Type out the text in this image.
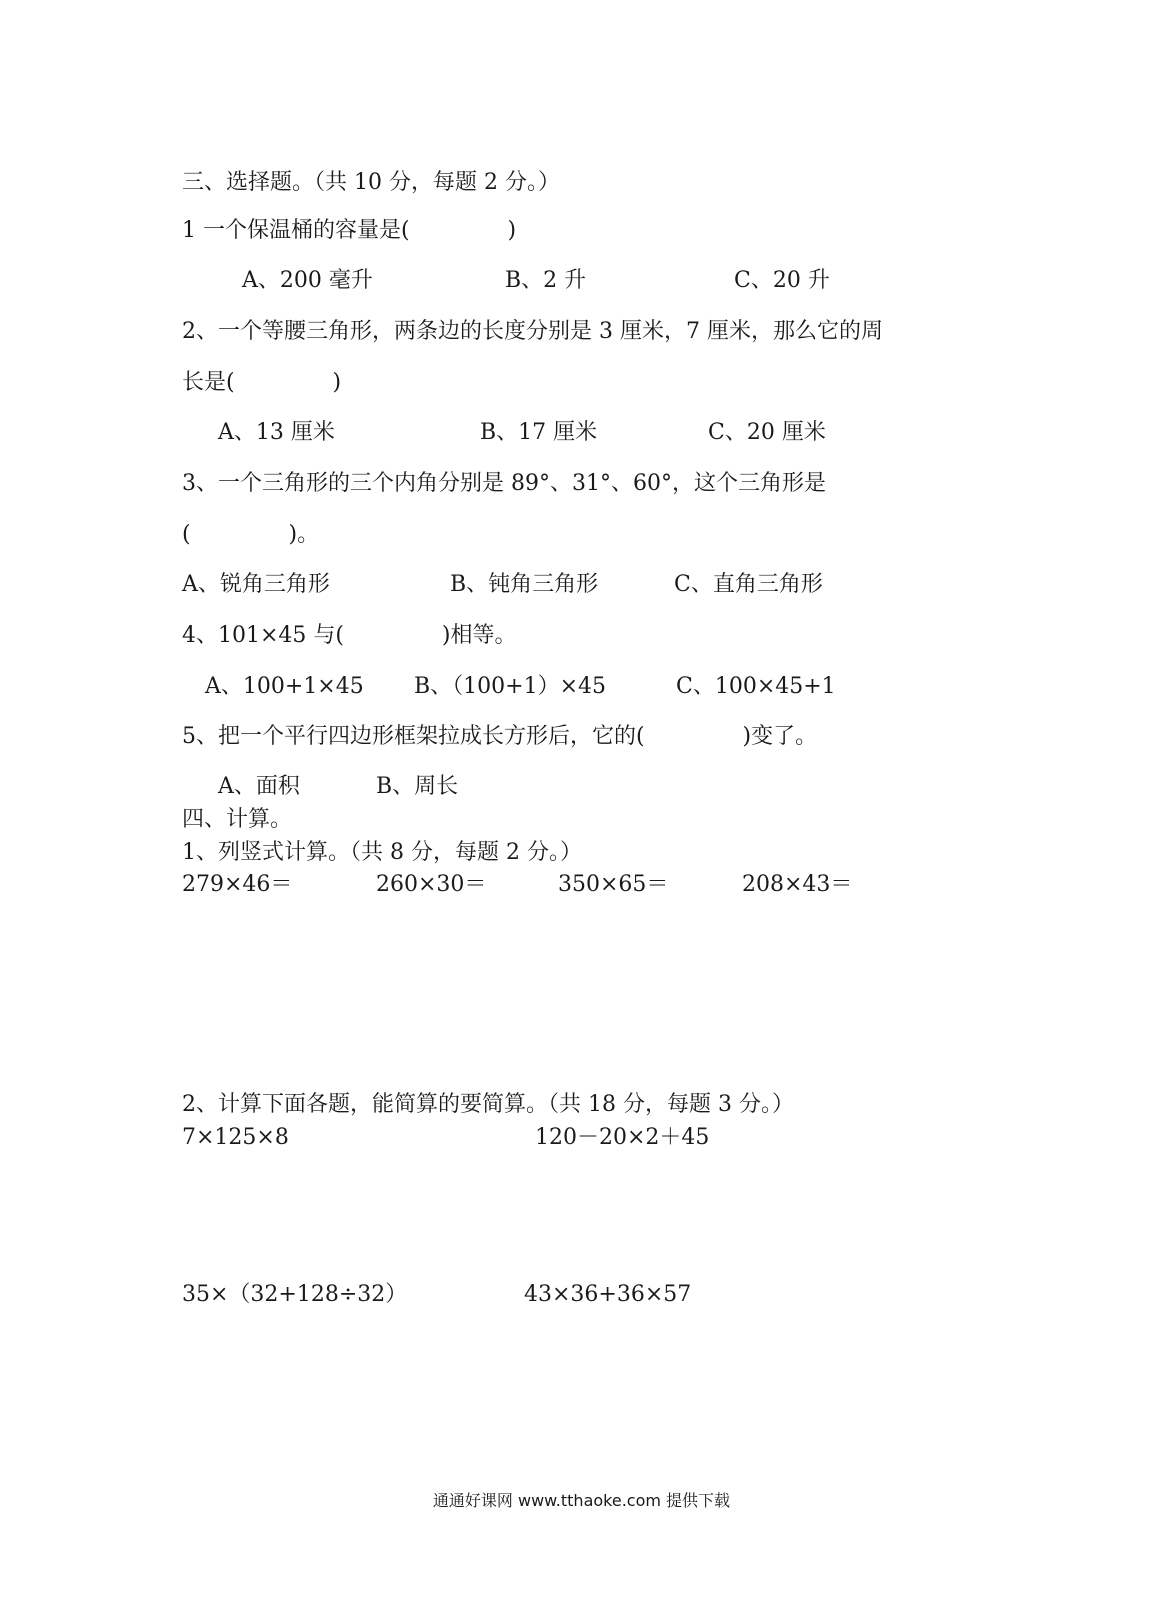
三、选择题。（共 10 分，每题 2 分。）
1 一个保温桶的容量是(              )
A、200 毫升	B、2 升	C、20 升
2、一个等腰三角形，两条边的长度分别是 3 厘米，7 厘米，那么它的周
长是(              )
A、13 厘米	B、17 厘米	C、20 厘米
3、一个三角形的三个内角分别是 89°、31°、60°，这个三角形是
(              )。
A、锐角三角形	B、钝角三角形	C、直角三角形
4、101×45 与(              )相等。
A、100+1×45 B、（100+1）×45	C、100×45+1
5、把一个平行四边形框架拉成长方形后，它的(              )变了。
A、面积	B、周长
四、计算。
1、列竖式计算。（共 8 分，每题 2 分。）
279×46＝	260×30＝	350×65＝	208×43＝
2、计算下面各题，能简算的要简算。（共 18 分，每题 3 分。）
7×125×8	120－20×2＋45
35×（32+128÷32）	43×36+36×57
通通好课网 www.tthaoke.com 提供下载
